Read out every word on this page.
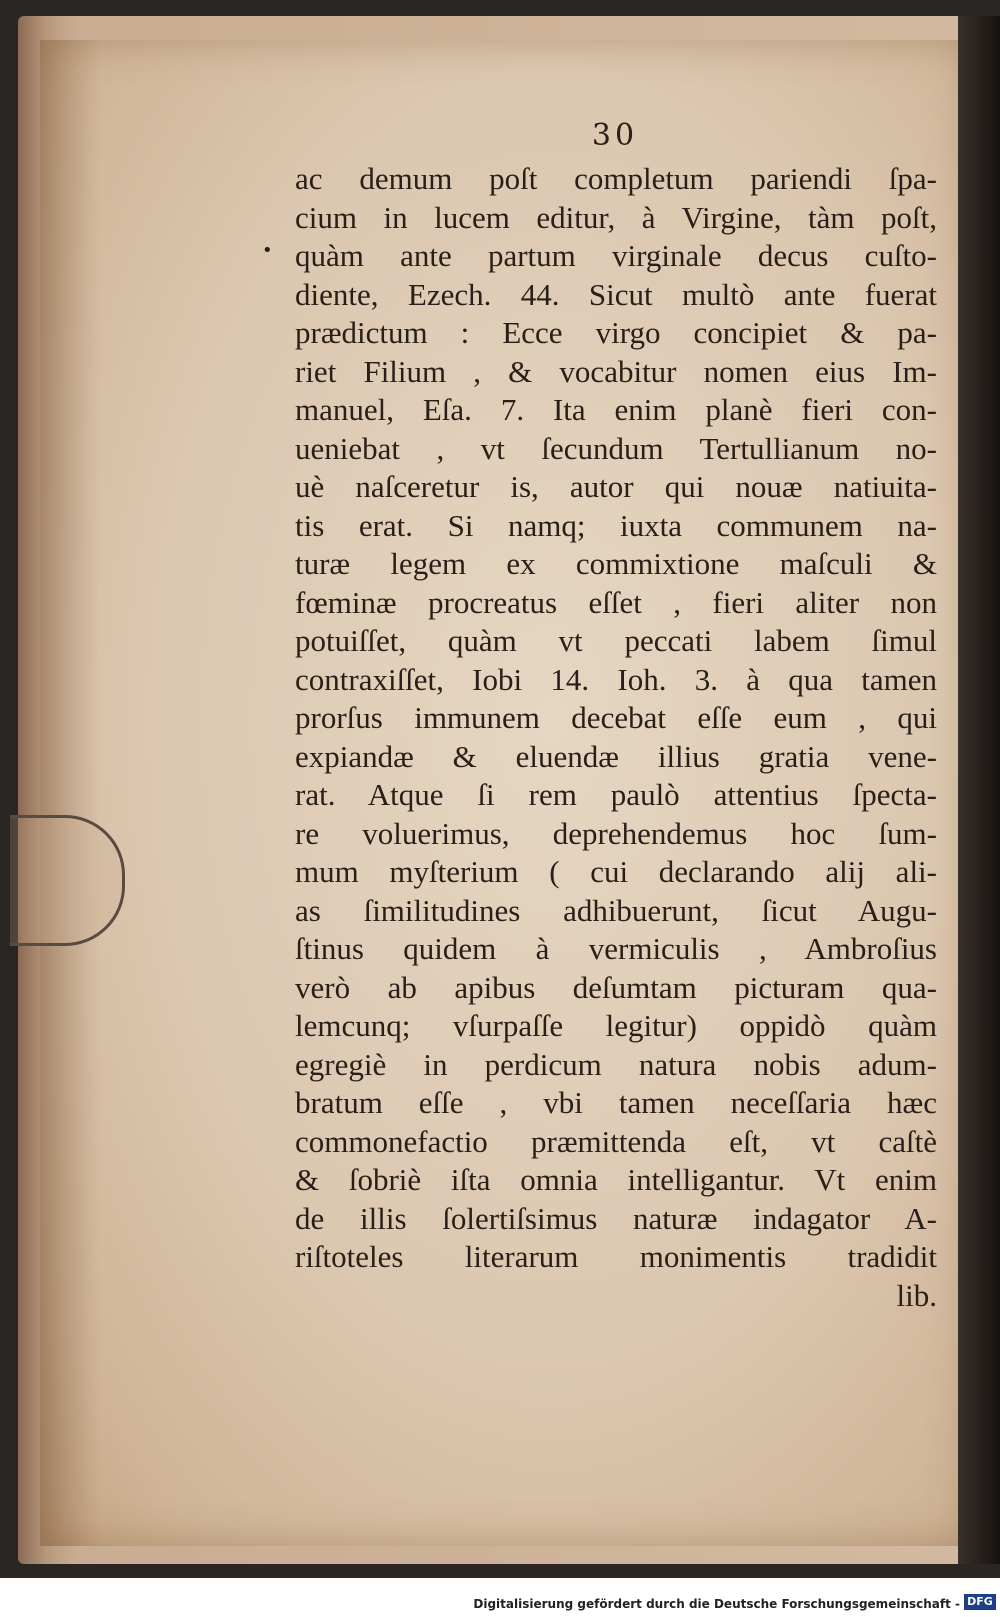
30
•
ac demum poſt completum pariendi ſpa-
cium in lucem editur, à Virgine, tàm poſt,
quàm ante partum virginale decus cuſto-
diente, Ezech. 44. Sicut multò ante fuerat
prædictum : Ecce virgo concipiet & pa-
riet Filium , & vocabitur nomen eius Im-
manuel, Eſa. 7. Ita enim planè fieri con-
ueniebat , vt ſecundum Tertullianum no-
uè naſceretur is, autor qui nouæ natiuita-
tis erat. Si namq; iuxta communem na-
turæ legem ex commixtione maſculi &
fœminæ procreatus eſſet , fieri aliter non
potuiſſet, quàm vt peccati labem ſimul
contraxiſſet, Iobi 14. Ioh. 3. à qua tamen
prorſus immunem decebat eſſe eum , qui
expiandæ & eluendæ illius gratia vene-
rat. Atque ſi rem paulò attentius ſpecta-
re voluerimus, deprehendemus hoc ſum-
mum myſterium ( cui declarando alij ali-
as ſimilitudines adhibuerunt, ſicut Augu-
ſtinus quidem à vermiculis , Ambroſius
verò ab apibus deſumtam picturam qua-
lemcunq; vſurpaſſe legitur) oppidò quàm
egregiè in perdicum natura nobis adum-
bratum eſſe , vbi tamen neceſſaria hæc
commonefactio præmittenda eſt, vt caſtè
& ſobriè iſta omnia intelligantur. Vt enim
de illis ſolertiſsimus naturæ indagator A-
riſtoteles literarum monimentis tradidit
lib.
Digitalisierung gefördert durch die Deutsche Forschungsgemeinschaft - DFG
